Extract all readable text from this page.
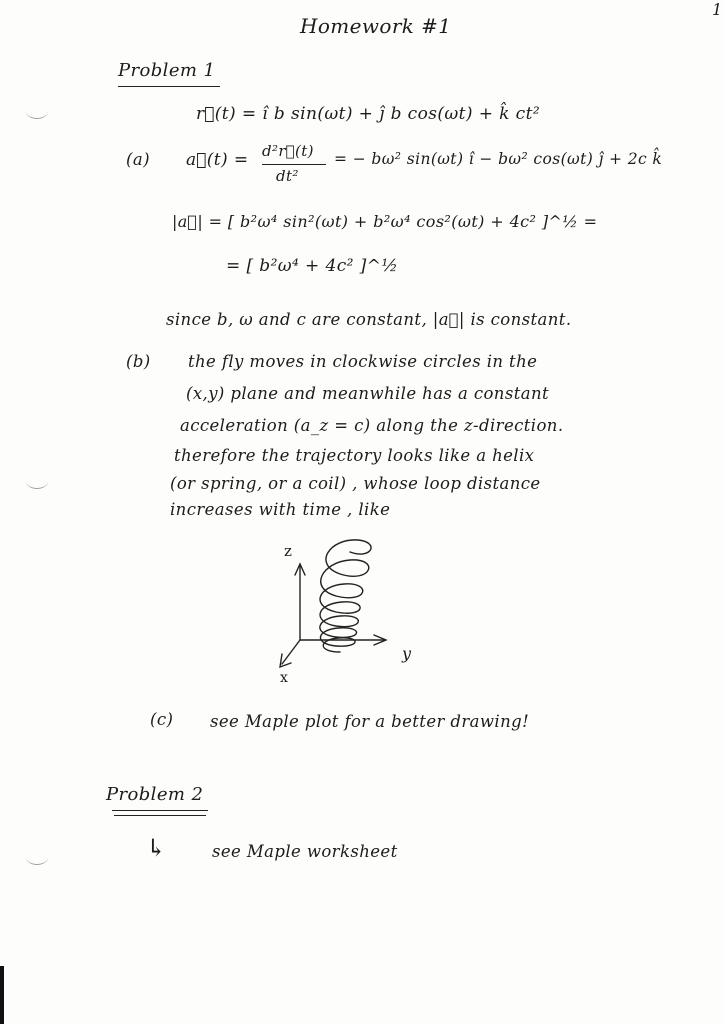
Homework #1
1
Problem 1
r⃗(t) = î b sin(ωt) + ĵ b cos(ωt) + k̂ ct²
(a) a⃗(t) = d²r⃗(t)
dt²
= − bω² sin(ωt) î − bω² cos(ωt) ĵ + 2c k̂
|a⃗| = [ b²ω⁴ sin²(ωt) + b²ω⁴ cos²(ωt) + 4c² ]^½ =
= [ b²ω⁴ + 4c² ]^½
since b, ω and c are constant, |a⃗| is constant.
(b) the fly moves in clockwise circles in the
(x,y) plane and meanwhile has a constant
acceleration (a_z = c) along the z-direction.
therefore the trajectory looks like a helix
(or spring, or a coil) , whose loop distance
increases with time , like
z
y
x
(c) see Maple plot for a better drawing!
Problem 2
↳	see Maple worksheet
